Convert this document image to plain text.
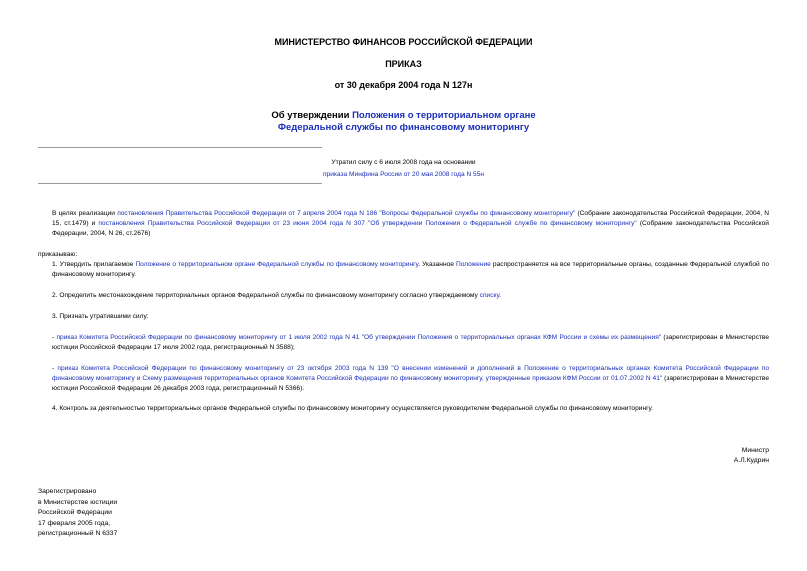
МИНИСТЕРСТВО ФИНАНСОВ РОССИЙСКОЙ ФЕДЕРАЦИИ
ПРИКАЗ
от 30 декабря 2004 года N 127н
Об утверждении Положения о территориальном органе
Федеральной службы по финансовому мониторингу
Утратил силу с 6 июля 2008 года на основании
приказа Минфина России от 20 мая 2008 года N 55н
В целях реализации постановления Правительства Российской Федерации от 7 апреля 2004 года N 186 "Вопросы Федеральной службы по финансовому мониторингу" (Собрание законодательства Российской Федерации, 2004, N 15, ст.1479) и постановления Правительства Российской Федерации от 23 июня 2004 года N 307 "Об утверждении Положения о Федеральной службе по финансовому мониторингу" (Собрание законодательства Российской Федерации, 2004, N 26, ст.2676)
приказываю:
1. Утвердить прилагаемое Положение о территориальном органе Федеральной службы по финансовому мониторингу. Указанное Положение распространяется на все территориальные органы, созданные Федеральной службой по финансовому мониторингу.
2. Определить местонахождение территориальных органов Федеральной службы по финансовому мониторингу согласно утверждаемому списку.
3. Признать утратившими силу:
- приказ Комитета Российской Федерации по финансовому мониторингу от 1 июля 2002 года N 41 "Об утверждении Положения о территориальных органах КФМ России и схемы их размещения" (зарегистрирован в Министерстве юстиции Российской Федерации 17 июля 2002 года, регистрационный N 3588);
- приказ Комитета Российской Федерации по финансовому мониторингу от 23 октября 2003 года N 139 "О внесении изменений и дополнений в Положение о территориальных органах Комитета Российской Федерации по финансовому мониторингу и Схему размещения территориальных органов Комитета Российской Федерации по финансовому мониторингу, утвержденные приказом КФМ России от 01.07.2002 N 41" (зарегистрирован в Министерстве юстиции Российской Федерации 26 декабря 2003 года, регистрационный N 5366).
4. Контроль за деятельностью территориальных органов Федеральной службы по финансовому мониторингу осуществляется руководителем Федеральной службы по финансовому мониторингу.
Министр
А.Л.Кудрин
Зарегистрировано
в Министерстве юстиции
Российской Федерации
17 февраля 2005 года,
регистрационный N 6337
